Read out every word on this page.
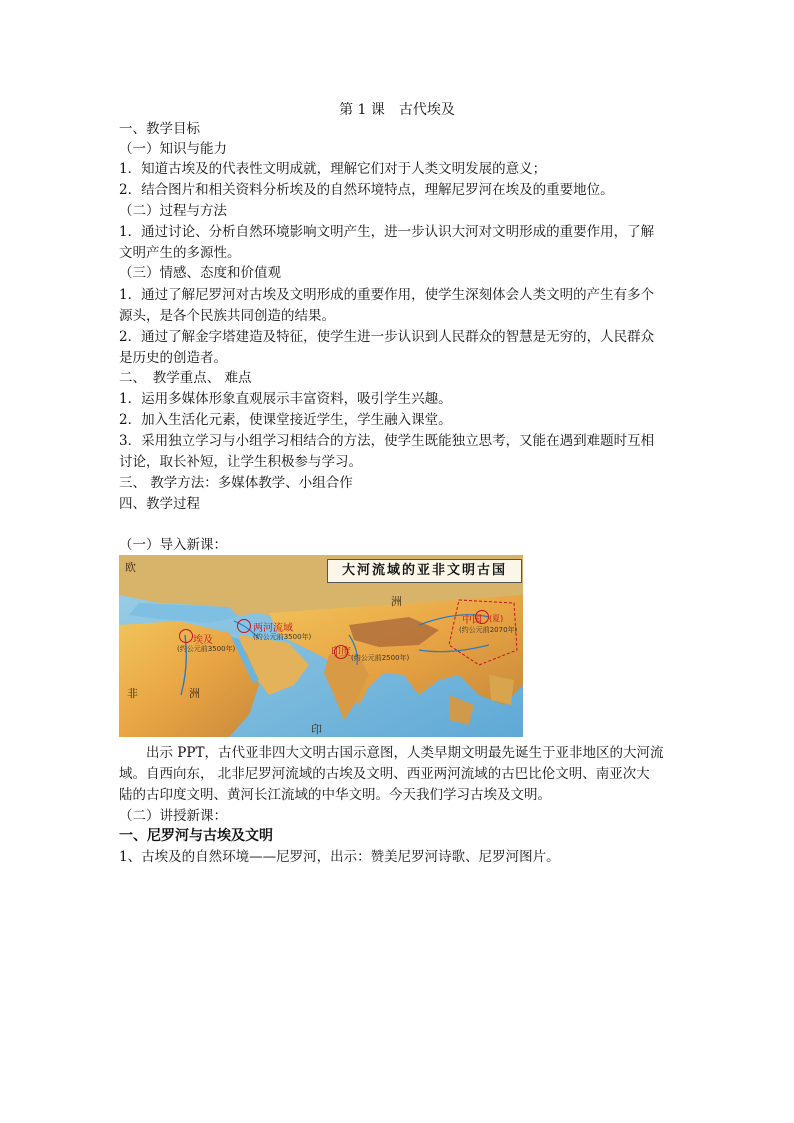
第 1 课　古代埃及
一、教学目标
（一）知识与能力
1．知道古埃及的代表性文明成就，理解它们对于人类文明发展的意义；
2．结合图片和相关资料分析埃及的自然环境特点，理解尼罗河在埃及的重要地位。
（二）过程与方法
1．通过讨论、分析自然环境影响文明产生，进一步认识大河对文明形成的重要作用，了解
文明产生的多源性。
（三）情感、态度和价值观
1．通过了解尼罗河对古埃及文明形成的重要作用，使学生深刻体会人类文明的产生有多个
源头，是各个民族共同创造的结果。
2．通过了解金字塔建造及特征，使学生进一步认识到人民群众的智慧是无穷的，人民群众
是历史的创造者。
二、　教学重点、 难点
1．运用多媒体形象直观展示丰富资料，吸引学生兴趣。
2．加入生活化元素，使课堂接近学生，学生融入课堂。
3．采用独立学习与小组学习相结合的方法，使学生既能独立思考，又能在遇到难题时互相
讨论，取长补短，让学生积极参与学习。
三、 教学方法：多媒体教学、小组合作
四、教学过程
（一）导入新课：
大河流域的亚非文明古国
欧
非	洲
洲
印
埃及
(约公元前3500年)
两河流域
(约公元前3500年)
印度 (约公元前2500年)
中国 (夏)
(约公元前2070年)
　　出示 PPT，古代亚非四大文明古国示意图，人类早期文明最先诞生于亚非地区的大河流
域。自西向东， 北非尼罗河流域的古埃及文明、西亚两河流域的古巴比伦文明、南亚次大
陆的古印度文明、黄河长江流域的中华文明。今天我们学习古埃及文明。
（二）讲授新课：
一、尼罗河与古埃及文明
1、古埃及的自然环境——尼罗河，出示：赞美尼罗河诗歌、尼罗河图片。
